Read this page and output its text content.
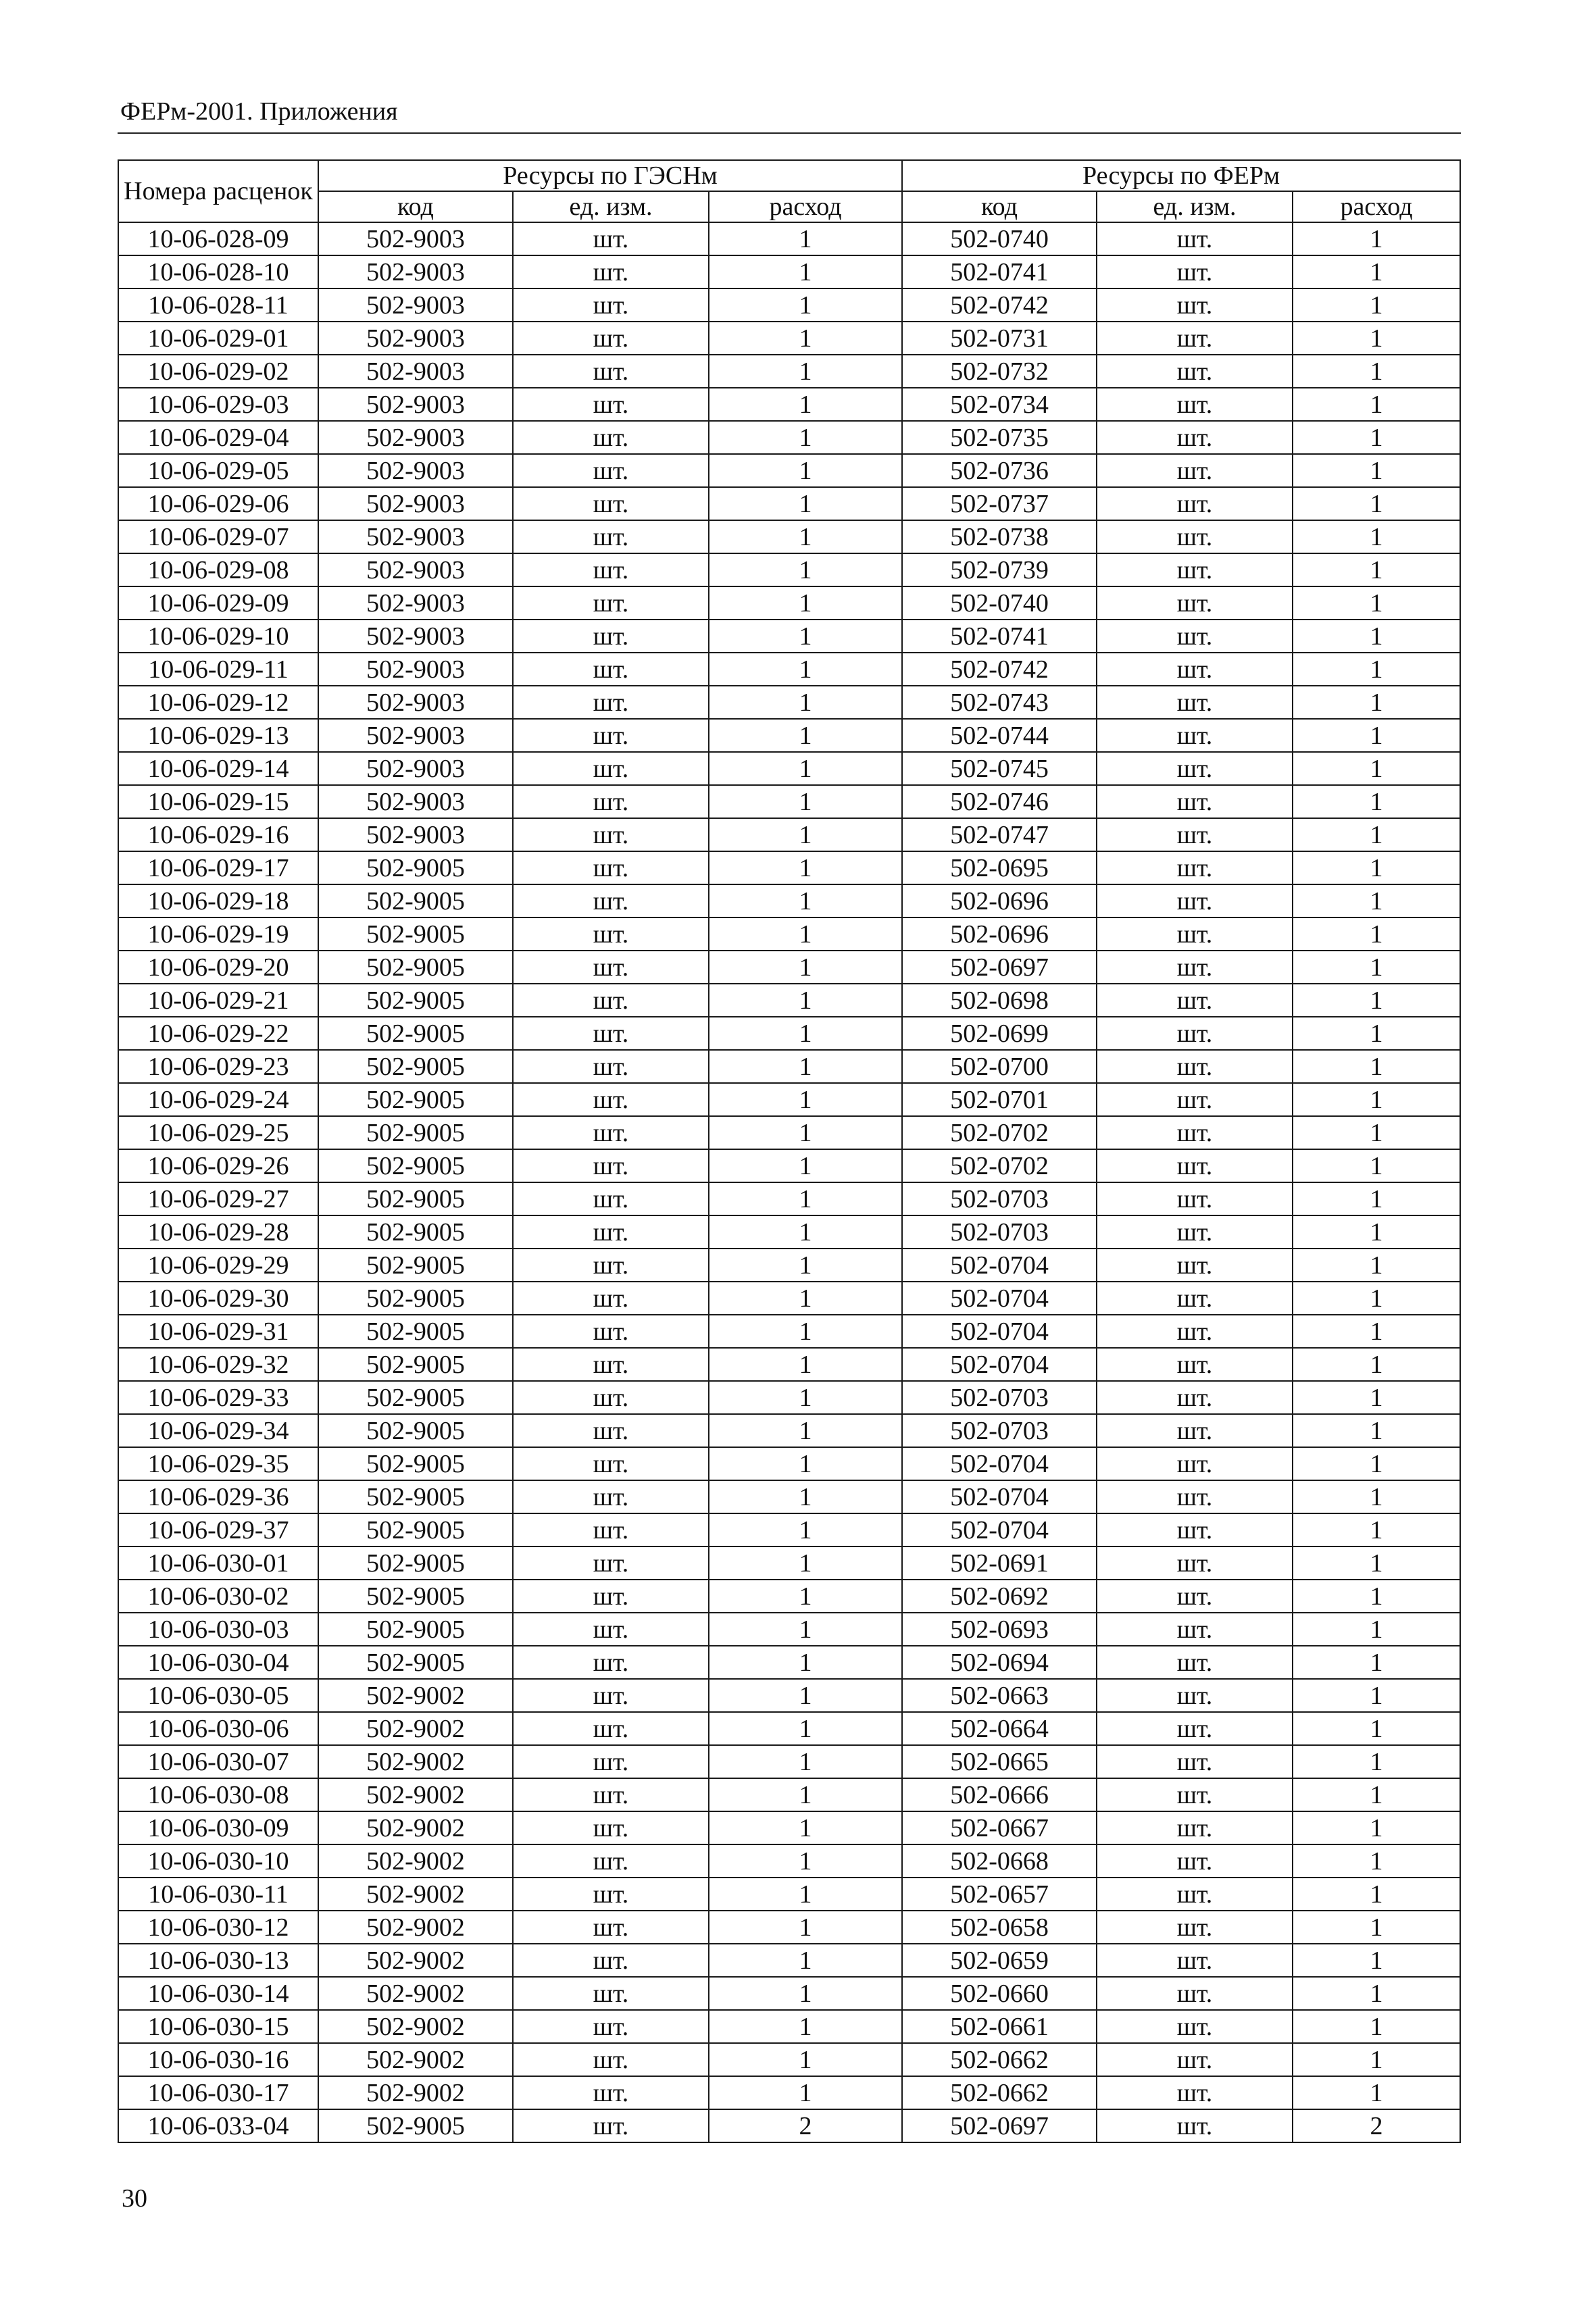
ФЕРм-2001. Приложения
Номера расценок	Ресурсы по ГЭСНм			Ресурсы по ФЕРм		
	код	ед. изм.	расход	код	ед. изм.	расход
10-06-028-09	502-9003	шт.	1	502-0740	шт.	1
10-06-028-10	502-9003	шт.	1	502-0741	шт.	1
10-06-028-11	502-9003	шт.	1	502-0742	шт.	1
10-06-029-01	502-9003	шт.	1	502-0731	шт.	1
10-06-029-02	502-9003	шт.	1	502-0732	шт.	1
10-06-029-03	502-9003	шт.	1	502-0734	шт.	1
10-06-029-04	502-9003	шт.	1	502-0735	шт.	1
10-06-029-05	502-9003	шт.	1	502-0736	шт.	1
10-06-029-06	502-9003	шт.	1	502-0737	шт.	1
10-06-029-07	502-9003	шт.	1	502-0738	шт.	1
10-06-029-08	502-9003	шт.	1	502-0739	шт.	1
10-06-029-09	502-9003	шт.	1	502-0740	шт.	1
10-06-029-10	502-9003	шт.	1	502-0741	шт.	1
10-06-029-11	502-9003	шт.	1	502-0742	шт.	1
10-06-029-12	502-9003	шт.	1	502-0743	шт.	1
10-06-029-13	502-9003	шт.	1	502-0744	шт.	1
10-06-029-14	502-9003	шт.	1	502-0745	шт.	1
10-06-029-15	502-9003	шт.	1	502-0746	шт.	1
10-06-029-16	502-9003	шт.	1	502-0747	шт.	1
10-06-029-17	502-9005	шт.	1	502-0695	шт.	1
10-06-029-18	502-9005	шт.	1	502-0696	шт.	1
10-06-029-19	502-9005	шт.	1	502-0696	шт.	1
10-06-029-20	502-9005	шт.	1	502-0697	шт.	1
10-06-029-21	502-9005	шт.	1	502-0698	шт.	1
10-06-029-22	502-9005	шт.	1	502-0699	шт.	1
10-06-029-23	502-9005	шт.	1	502-0700	шт.	1
10-06-029-24	502-9005	шт.	1	502-0701	шт.	1
10-06-029-25	502-9005	шт.	1	502-0702	шт.	1
10-06-029-26	502-9005	шт.	1	502-0702	шт.	1
10-06-029-27	502-9005	шт.	1	502-0703	шт.	1
10-06-029-28	502-9005	шт.	1	502-0703	шт.	1
10-06-029-29	502-9005	шт.	1	502-0704	шт.	1
10-06-029-30	502-9005	шт.	1	502-0704	шт.	1
10-06-029-31	502-9005	шт.	1	502-0704	шт.	1
10-06-029-32	502-9005	шт.	1	502-0704	шт.	1
10-06-029-33	502-9005	шт.	1	502-0703	шт.	1
10-06-029-34	502-9005	шт.	1	502-0703	шт.	1
10-06-029-35	502-9005	шт.	1	502-0704	шт.	1
10-06-029-36	502-9005	шт.	1	502-0704	шт.	1
10-06-029-37	502-9005	шт.	1	502-0704	шт.	1
10-06-030-01	502-9005	шт.	1	502-0691	шт.	1
10-06-030-02	502-9005	шт.	1	502-0692	шт.	1
10-06-030-03	502-9005	шт.	1	502-0693	шт.	1
10-06-030-04	502-9005	шт.	1	502-0694	шт.	1
10-06-030-05	502-9002	шт.	1	502-0663	шт.	1
10-06-030-06	502-9002	шт.	1	502-0664	шт.	1
10-06-030-07	502-9002	шт.	1	502-0665	шт.	1
10-06-030-08	502-9002	шт.	1	502-0666	шт.	1
10-06-030-09	502-9002	шт.	1	502-0667	шт.	1
10-06-030-10	502-9002	шт.	1	502-0668	шт.	1
10-06-030-11	502-9002	шт.	1	502-0657	шт.	1
10-06-030-12	502-9002	шт.	1	502-0658	шт.	1
10-06-030-13	502-9002	шт.	1	502-0659	шт.	1
10-06-030-14	502-9002	шт.	1	502-0660	шт.	1
10-06-030-15	502-9002	шт.	1	502-0661	шт.	1
10-06-030-16	502-9002	шт.	1	502-0662	шт.	1
10-06-030-17	502-9002	шт.	1	502-0662	шт.	1
10-06-033-04	502-9005	шт.	2	502-0697	шт.	2
30
